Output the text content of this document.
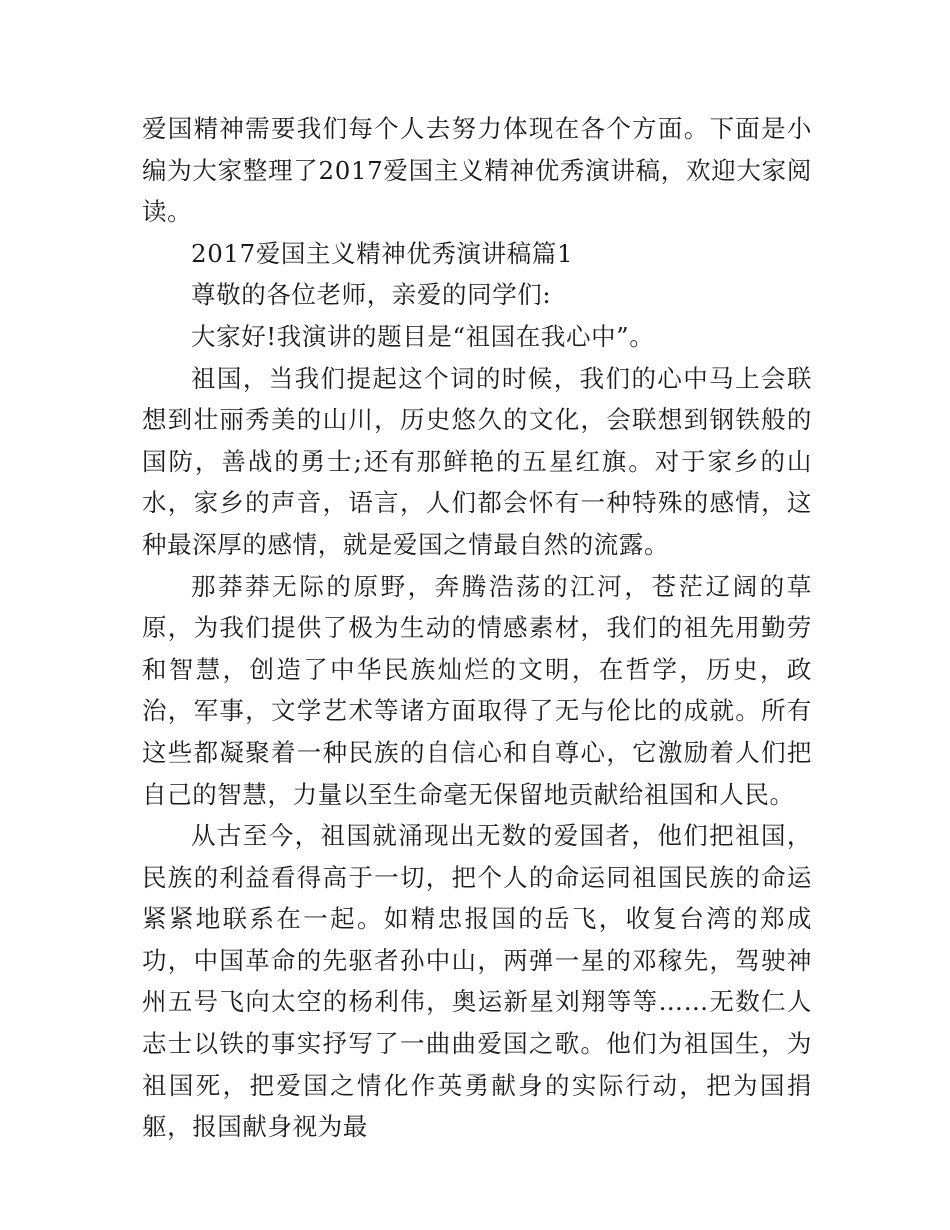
爱国精神需要我们每个人去努力体现在各个方面。下面是小编为大家整理了2017爱国主义精神优秀演讲稿，欢迎大家阅读。

2017爱国主义精神优秀演讲稿篇1

尊敬的各位老师，亲爱的同学们:

大家好!我演讲的题目是“祖国在我心中”。

祖国，当我们提起这个词的时候，我们的心中马上会联想到壮丽秀美的山川，历史悠久的文化，会联想到钢铁般的国防，善战的勇士;还有那鲜艳的五星红旗。对于家乡的山水，家乡的声音，语言，人们都会怀有一种特殊的感情，这种最深厚的感情，就是爱国之情最自然的流露。

那莽莽无际的原野，奔腾浩荡的江河，苍茫辽阔的草原，为我们提供了极为生动的情感素材，我们的祖先用勤劳和智慧，创造了中华民族灿烂的文明，在哲学，历史，政治，军事，文学艺术等诸方面取得了无与伦比的成就。所有这些都凝聚着一种民族的自信心和自尊心，它激励着人们把自己的智慧，力量以至生命毫无保留地贡献给祖国和人民。

从古至今，祖国就涌现出无数的爱国者，他们把祖国，民族的利益看得高于一切，把个人的命运同祖国民族的命运紧紧地联系在一起。如精忠报国的岳飞，收复台湾的郑成功，中国革命的先驱者孙中山，两弹一星的邓稼先，驾驶神州五号飞向太空的杨利伟，奥运新星刘翔等等……无数仁人志士以铁的事实抒写了一曲曲爱国之歌。他们为祖国生，为祖国死，把爱国之情化作英勇献身的实际行动，把为国捐躯，报国献身视为最
